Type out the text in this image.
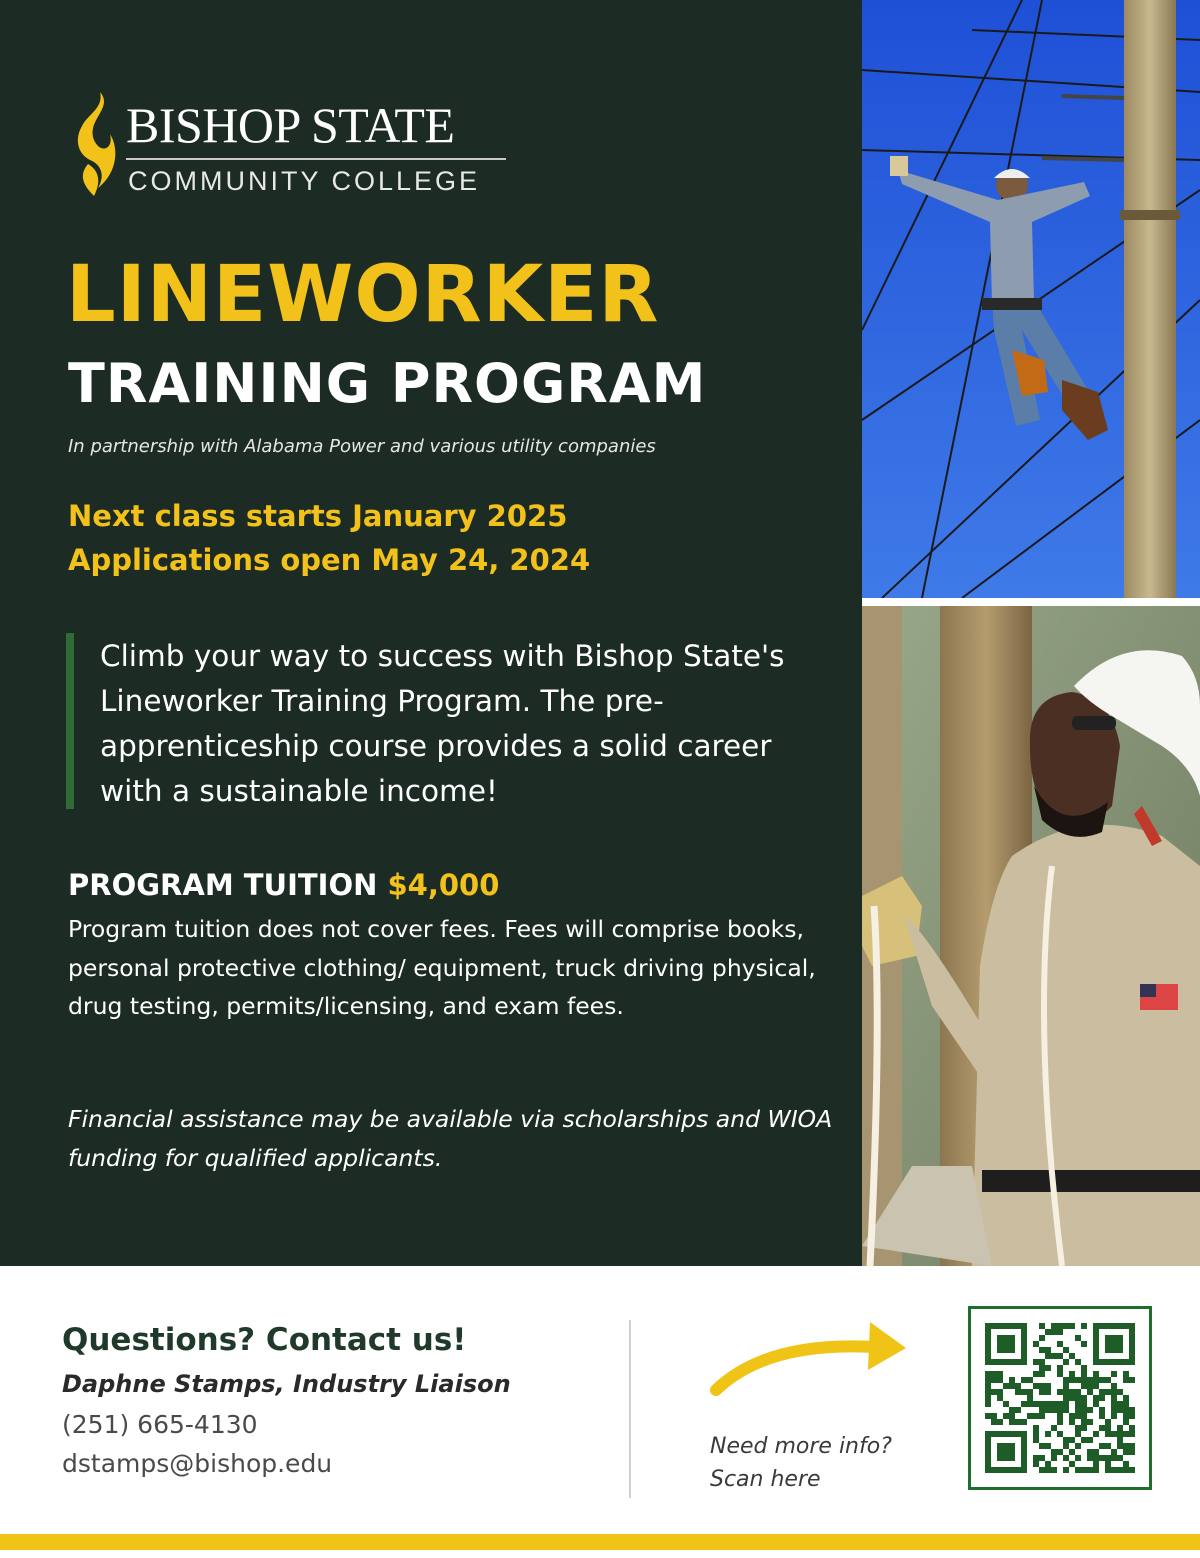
BISHOP STATE
COMMUNITY COLLEGE
LINEWORKER
TRAINING PROGRAM
In partnership with Alabama Power and various utility companies
Next class starts January 2025
Applications open May 24, 2024
Climb your way to success with Bishop State's Lineworker Training Program. The pre-apprenticeship course provides a solid career with a sustainable income!
PROGRAM TUITION $4,000
Program tuition does not cover fees. Fees will comprise books, personal protective clothing/ equipment, truck driving physical, drug testing, permits/licensing, and exam fees.
Financial assistance may be available via scholarships and WIOA funding for qualified applicants.
Questions? Contact us!
Daphne Stamps, Industry Liaison
(251) 665-4130
dstamps@bishop.edu
Need more info?
Scan here
